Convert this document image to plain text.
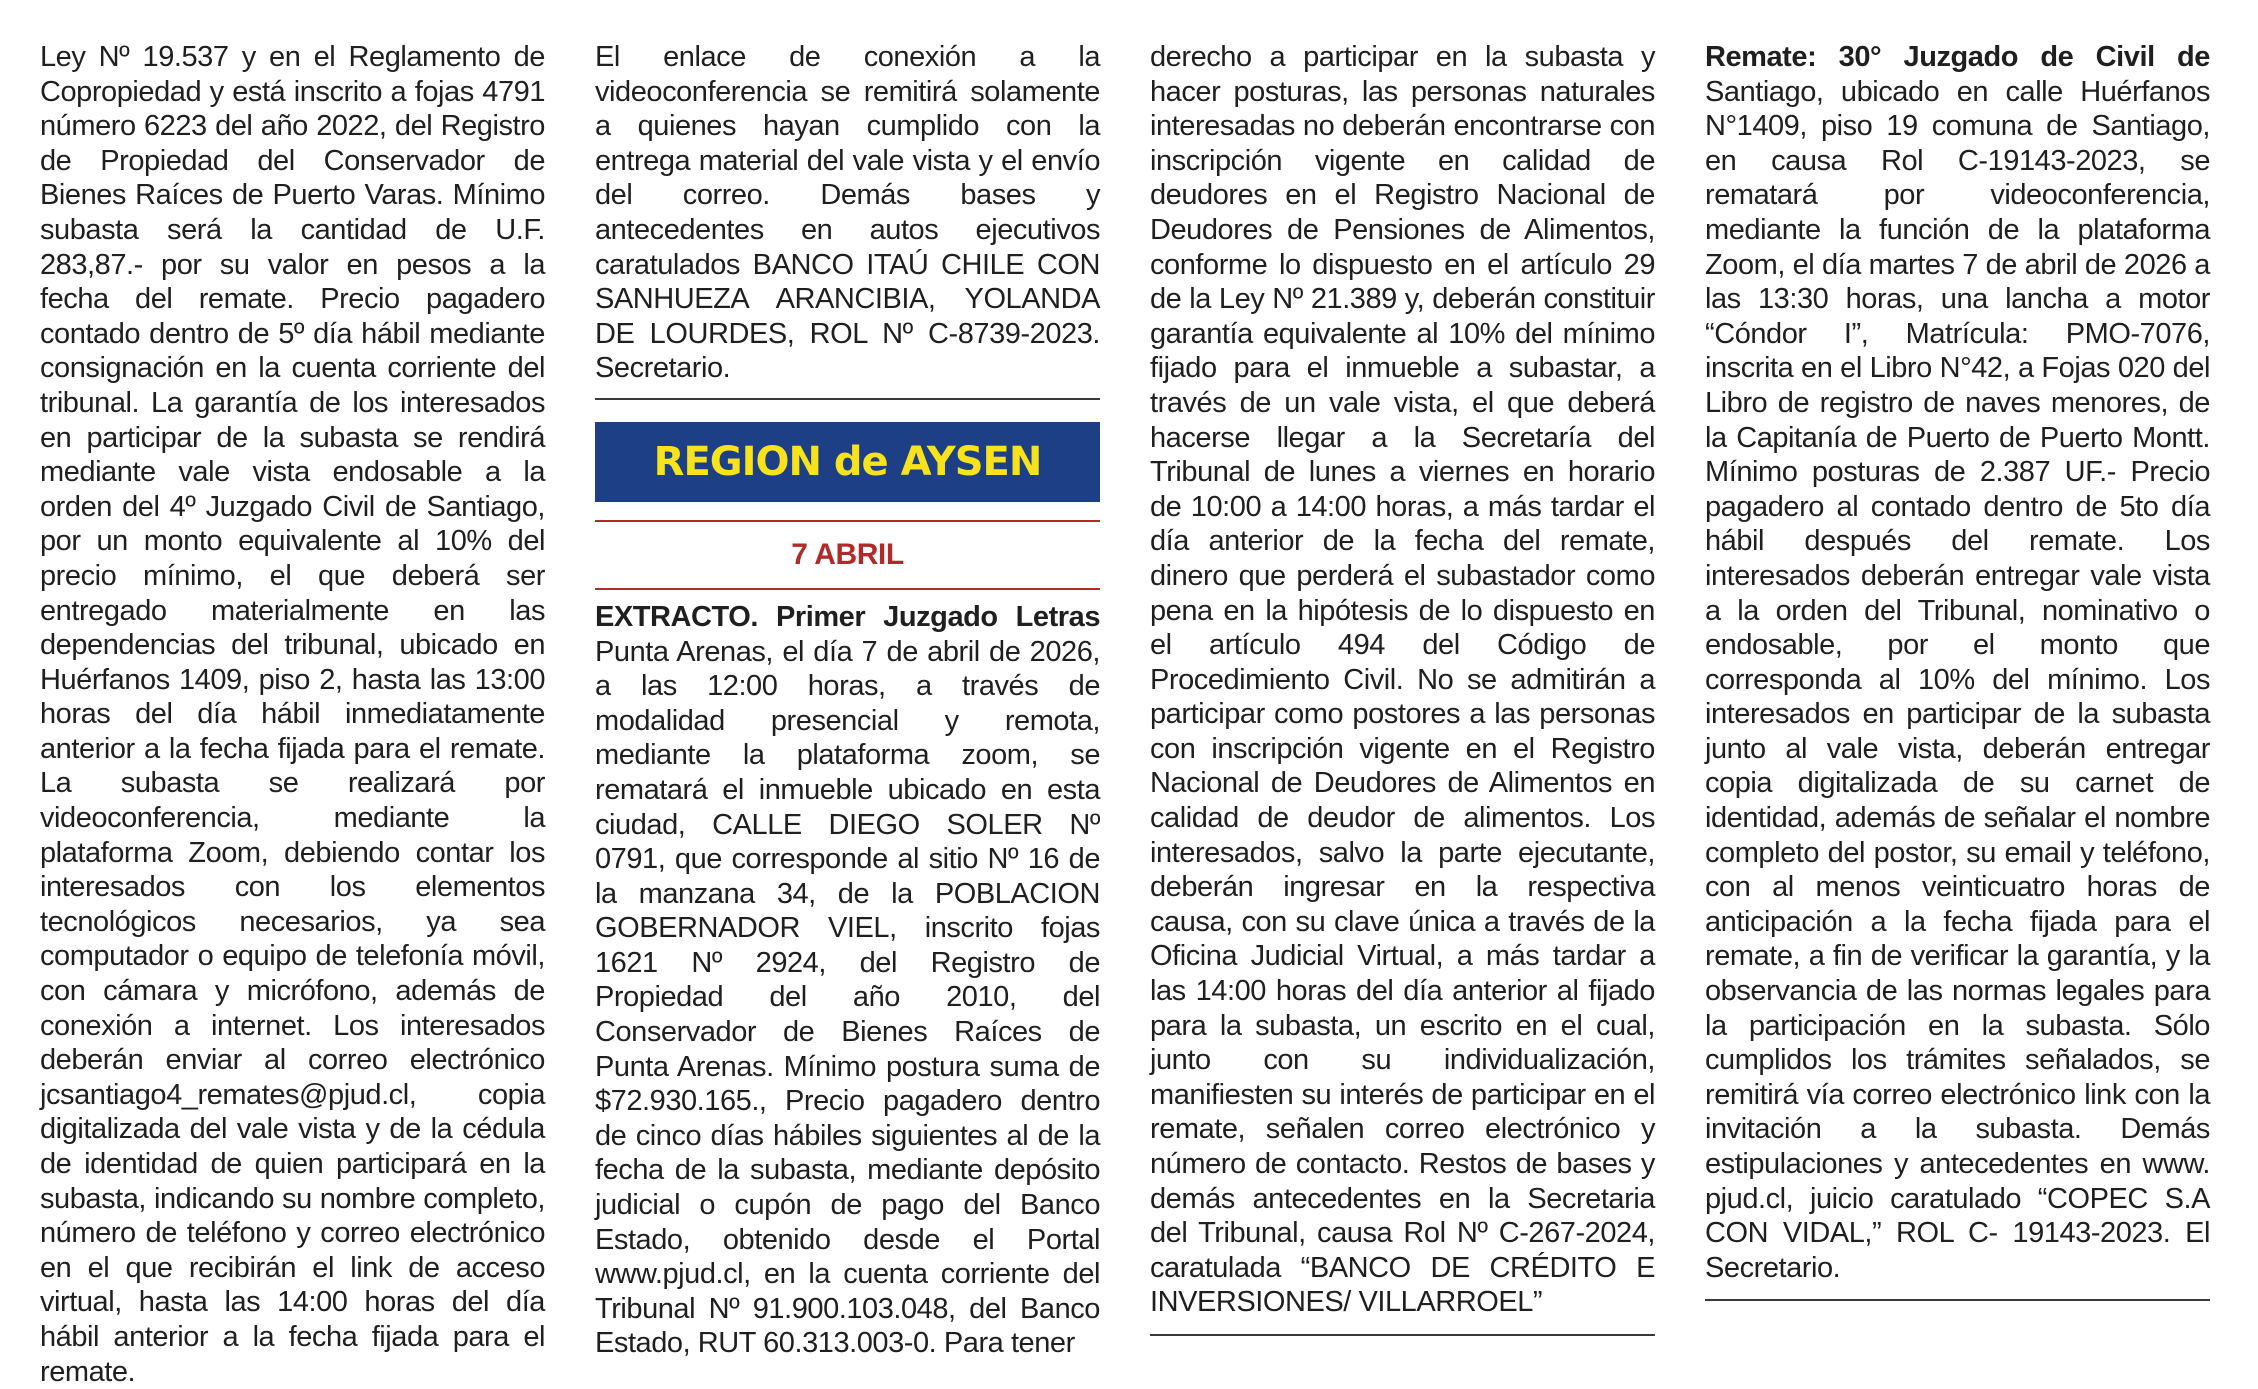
Ley Nº 19.537 y en el Reglamento de Copropiedad y está inscrito a fojas 4791 número 6223 del año 2022, del Registro de Propiedad del Conservador de Bienes Raíces de Puerto Varas. Mínimo subasta será la cantidad de U.F. 283,87.- por su valor en pesos a la fecha del remate. Precio pagadero contado dentro de 5º día hábil mediante consignación en la cuenta corriente del tribunal. La garantía de los interesados en participar de la subasta se rendirá mediante vale vista endosable a la orden del 4º Juzgado Civil de Santiago, por un monto equivalente al 10% del precio mínimo, el que deberá ser entregado materialmente en las dependencias del tribunal, ubicado en Huérfanos 1409, piso 2, hasta las 13:00 horas del día hábil inmediatamente anterior a la fecha fijada para el remate. La subasta se realizará por videoconferencia, mediante la plataforma Zoom, debiendo contar los interesados con los elementos tecnológicos necesarios, ya sea computador o equipo de telefonía móvil, con cámara y micrófono, además de conexión a internet. Los interesados deberán enviar al correo electrónico jcsantiago4_remates@pjud.cl, copia digitalizada del vale vista y de la cédula de identidad de quien participará en la subasta, indicando su nombre completo, número de teléfono y correo electrónico en el que recibirán el link de acceso virtual, hasta las 14:00 horas del día hábil anterior a la fecha fijada para el remate.

El enlace de conexión a la videoconferencia se remitirá solamente a quienes hayan cumplido con la entrega material del vale vista y el envío del correo. Demás bases y antecedentes en autos ejecutivos caratulados BANCO ITAÚ CHILE CON SANHUEZA ARANCIBIA, YOLANDA DE LOURDES, ROL Nº C-8739-2023. Secretario.

REGION de AYSEN
7 ABRIL

EXTRACTO. Primer Juzgado Letras Punta Arenas, el día 7 de abril de 2026, a las 12:00 horas, a través de modalidad presencial y remota, mediante la plataforma zoom, se rematará el inmueble ubicado en esta ciudad, CALLE DIEGO SOLER Nº 0791, que corresponde al sitio Nº 16 de la manzana 34, de la POBLACION GOBERNADOR VIEL, inscrito fojas 1621 Nº 2924, del Registro de Propiedad del año 2010, del Conservador de Bienes Raíces de Punta Arenas. Mínimo postura suma de $72.930.165., Precio pagadero dentro de cinco días hábiles siguientes al de la fecha de la subasta, mediante depósito judicial o cupón de pago del Banco Estado, obtenido desde el Portal www.pjud.cl, en la cuenta corriente del Tribunal Nº 91.900.103.048, del Banco Estado, RUT 60.313.003-0. Para tener

derecho a participar en la subasta y hacer posturas, las personas naturales interesadas no deberán encontrarse con inscripción vigente en calidad de deudores en el Registro Nacional de Deudores de Pensiones de Alimentos, conforme lo dispuesto en el artículo 29 de la Ley Nº 21.389 y, deberán constituir garantía equivalente al 10% del mínimo fijado para el inmueble a subastar, a través de un vale vista, el que deberá hacerse llegar a la Secretaría del Tribunal de lunes a viernes en horario de 10:00 a 14:00 horas, a más tardar el día anterior de la fecha del remate, dinero que perderá el subastador como pena en la hipótesis de lo dispuesto en el artículo 494 del Código de Procedimiento Civil. No se admitirán a participar como postores a las personas con inscripción vigente en el Registro Nacional de Deudores de Alimentos en calidad de deudor de alimentos. Los interesados, salvo la parte ejecutante, deberán ingresar en la respectiva causa, con su clave única a través de la Oficina Judicial Virtual, a más tardar a las 14:00 horas del día anterior al fijado para la subasta, un escrito en el cual, junto con su individualización, manifiesten su interés de participar en el remate, señalen correo electrónico y número de contacto. Restos de bases y demás antecedentes en la Secretaria del Tribunal, causa Rol Nº C-267-2024, caratulada “BANCO DE CRÉDITO E INVERSIONES/ VILLARROEL”

Remate: 30° Juzgado de Civil de Santiago, ubicado en calle Huérfanos N°1409, piso 19 comuna de Santiago, en causa Rol C-19143-2023, se rematará por videoconferencia, mediante la función de la plataforma Zoom, el día martes 7 de abril de 2026 a las 13:30 horas, una lancha a motor “Cóndor I”, Matrícula: PMO-7076, inscrita en el Libro N°42, a Fojas 020 del Libro de registro de naves menores, de la Capitanía de Puerto de Puerto Montt. Mínimo posturas de 2.387 UF.- Precio pagadero al contado dentro de 5to día hábil después del remate. Los interesados deberán entregar vale vista a la orden del Tribunal, nominativo o endosable, por el monto que corresponda al 10% del mínimo. Los interesados en participar de la subasta junto al vale vista, deberán entregar copia digitalizada de su carnet de identidad, además de señalar el nombre completo del postor, su email y teléfono, con al menos veinticuatro horas de anticipación a la fecha fijada para el remate, a fin de verificar la garantía, y la observancia de las normas legales para la participación en la subasta. Sólo cumplidos los trámites señalados, se remitirá vía correo electrónico link con la invitación a la subasta. Demás estipulaciones y antecedentes en www. pjud.cl, juicio caratulado “COPEC S.A CON VIDAL,” ROL C- 19143-2023. El Secretario.
